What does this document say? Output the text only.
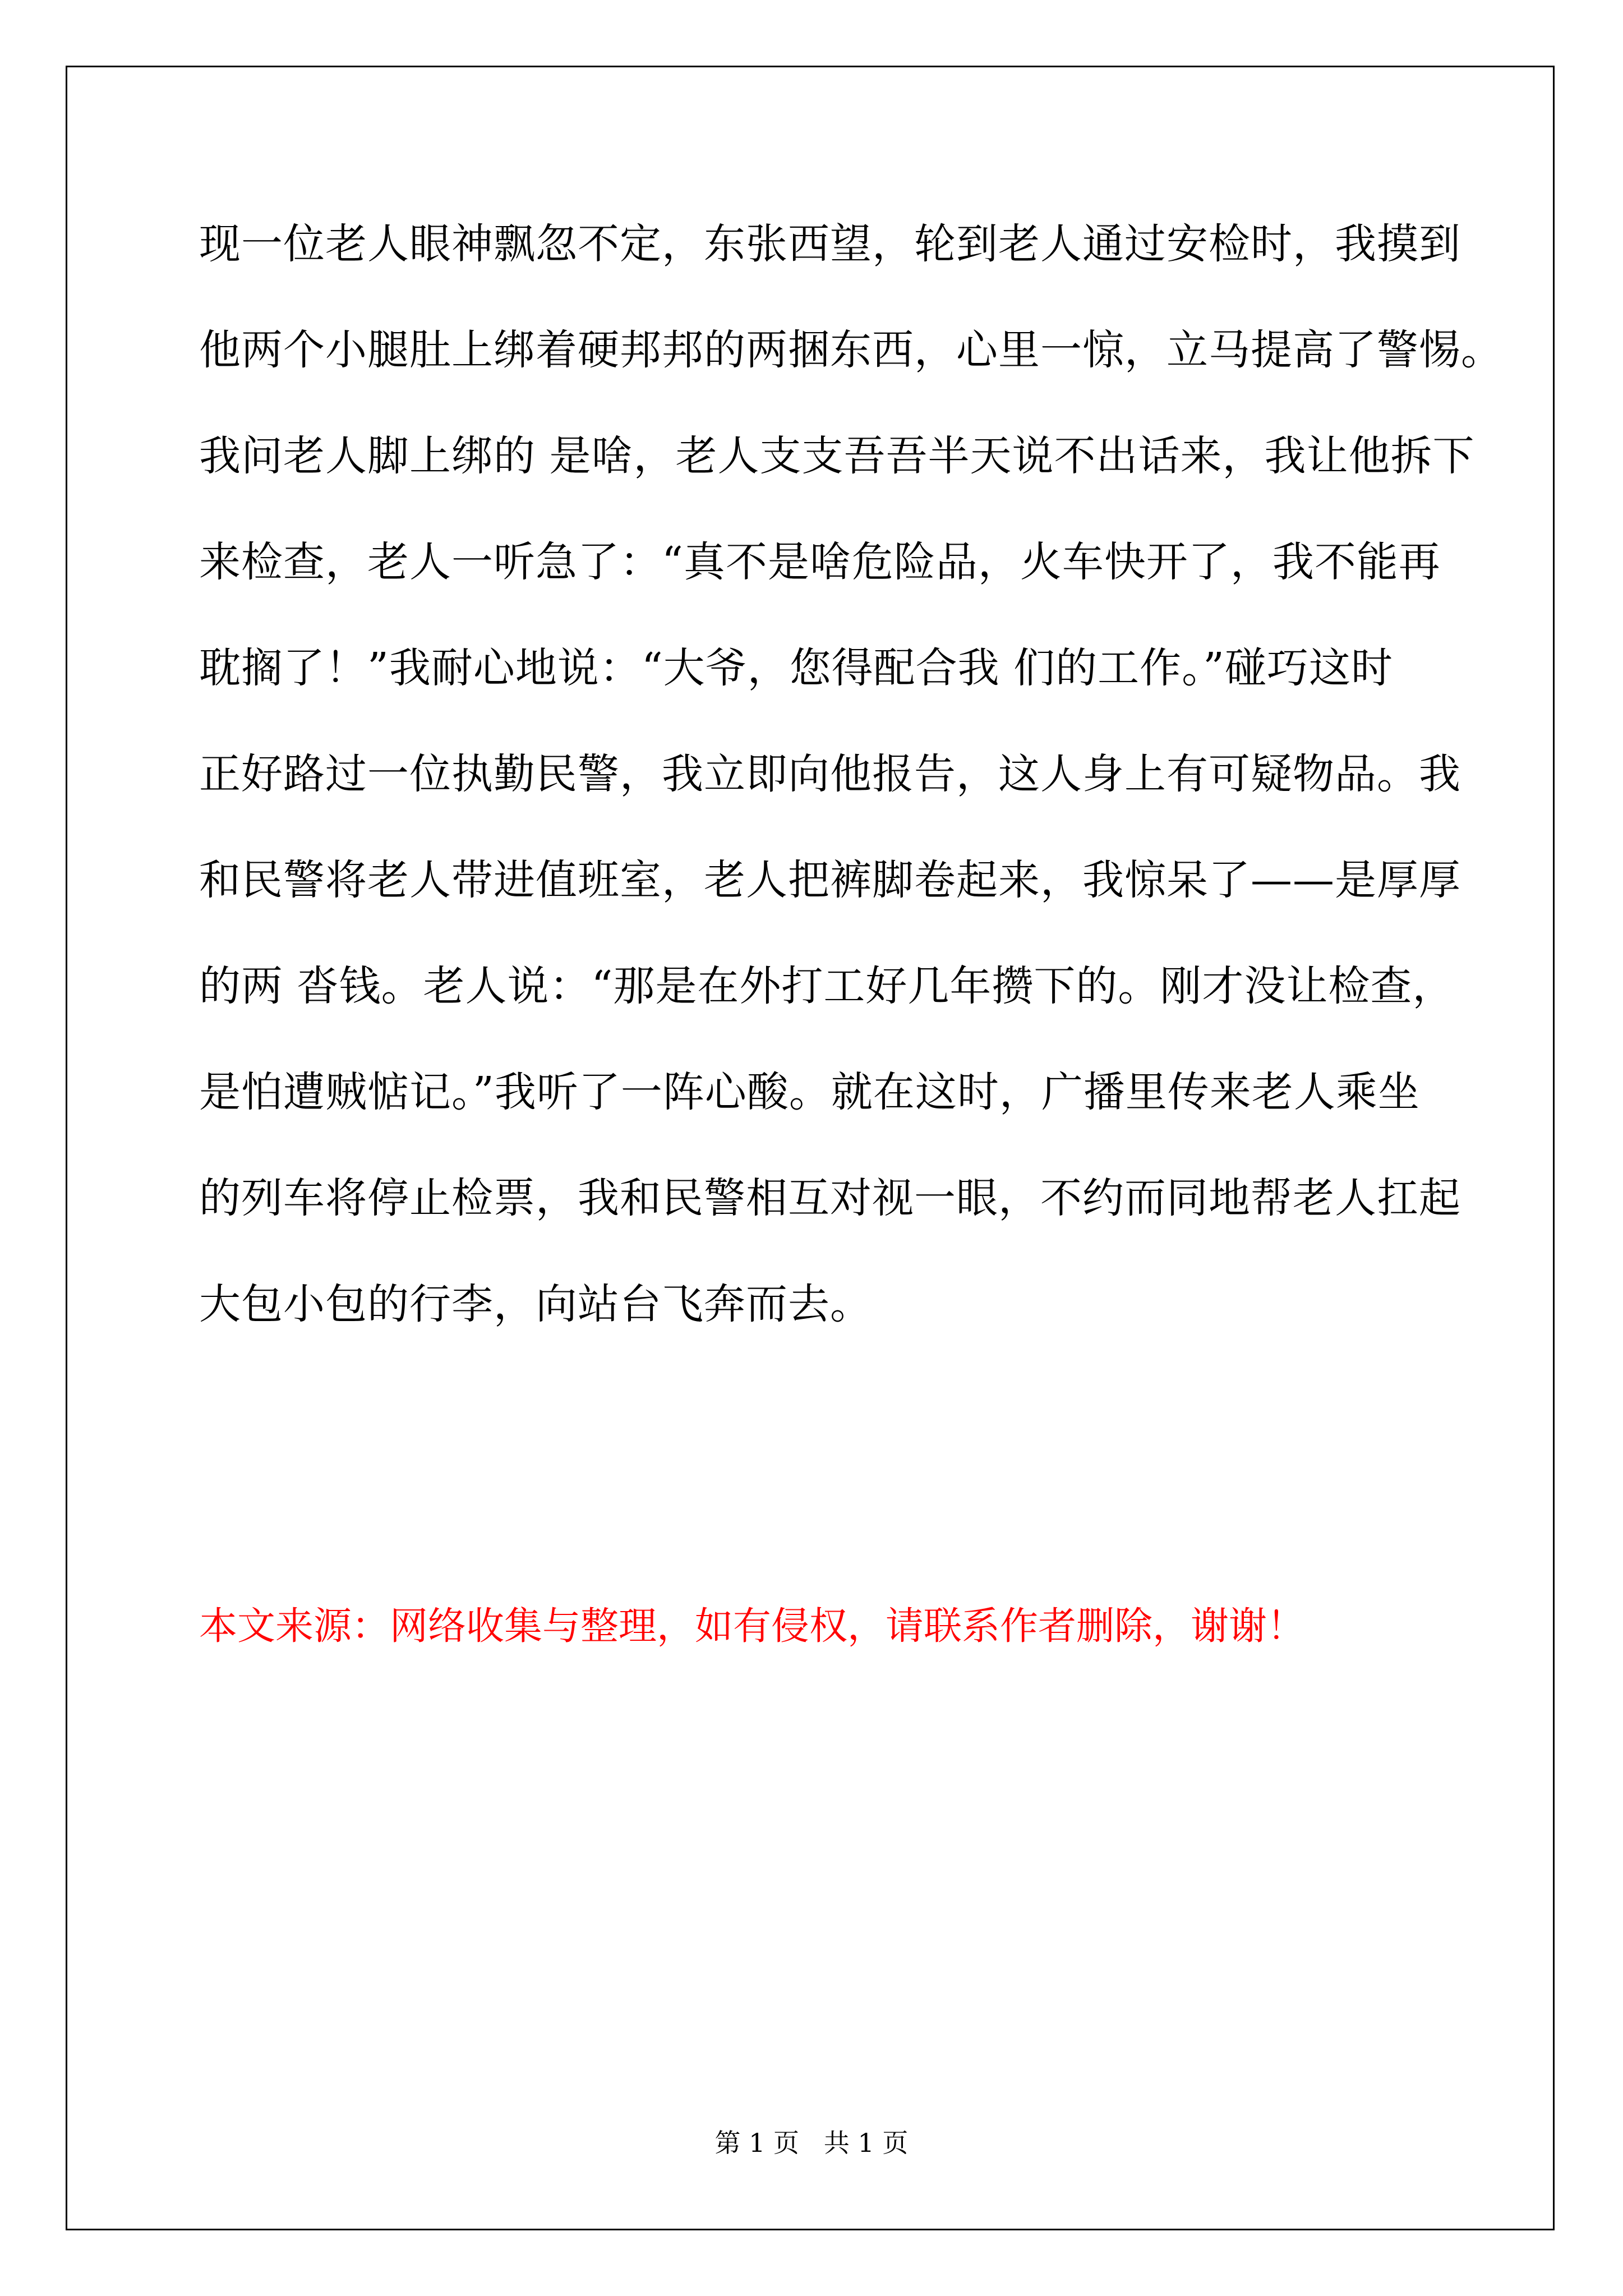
现一位老人眼神飘忽不定，东张西望，轮到老人通过安检时，我摸到
他两个小腿肚上绑着硬邦邦的两捆东西，心里一惊，立马提高了警惕。
我问老人脚上绑的 是啥，老人支支吾吾半天说不出话来，我让他拆下
来检查，老人一听急了：“真不是啥危险品，火车快开了，我不能再
耽搁了！”我耐心地说：“大爷，您得配合我 们的工作。”碰巧这时
正好路过一位执勤民警，我立即向他报告，这人身上有可疑物品。我
和民警将老人带进值班室，老人把裤脚卷起来，我惊呆了——是厚厚
的两 沓钱。老人说：“那是在外打工好几年攒下的。刚才没让检查，
是怕遭贼惦记。”我听了一阵心酸。就在这时，广播里传来老人乘坐
的列车将停止检票，我和民警相互对视一眼，不约而同地帮老人扛起
大包小包的行李，向站台飞奔而去。
本文来源：网络收集与整理，如有侵权，请联系作者删除，谢谢！
第 1 页   共 1 页
